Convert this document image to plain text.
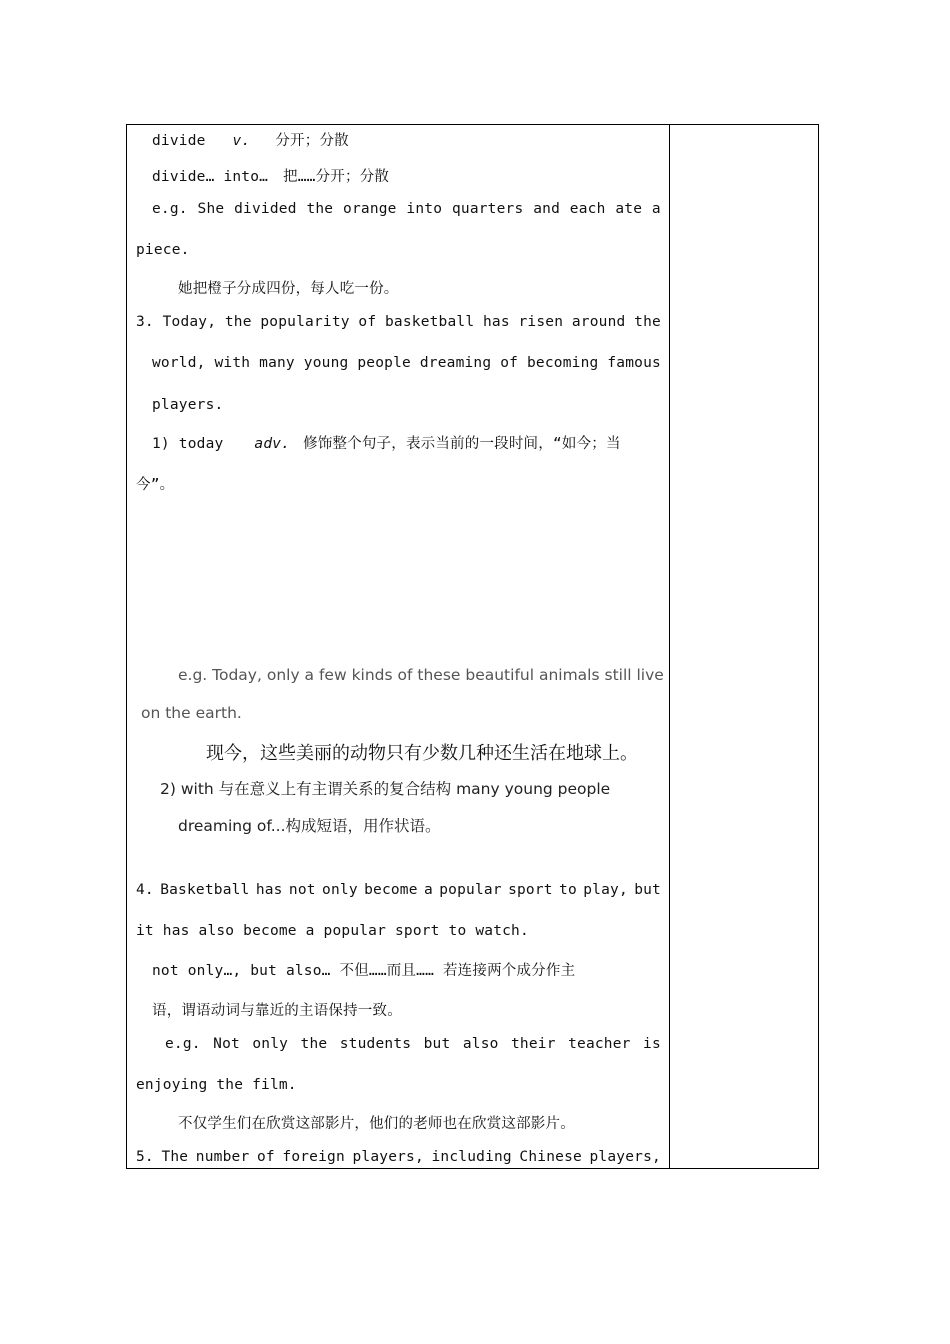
divide v. 分开；分散
divide… into… 把……分开；分散
e.g. She divided the orange into quarters and each ate a
piece.
她把橙子分成四份，每人吃一份。
3. Today, the popularity of basketball has risen around the
world, with many young people dreaming of becoming famous
players.
1) today adv. 修饰整个句子，表示当前的一段时间，“如今；当
今”。
e.g. Today, only a few kinds of these beautiful animals still live
on the earth.
现今，这些美丽的动物只有少数几种还生活在地球上。
2) with 与在意义上有主谓关系的复合结构 many young people
dreaming of...构成短语，用作状语。
4. Basketball has not only become a popular sport to play, but
it has also become a popular sport to watch.
not only…, but also… 不但……而且…… 若连接两个成分作主
语，谓语动词与靠近的主语保持一致。
e.g. Not only the students but also their teacher is
enjoying the film.
不仅学生们在欣赏这部影片，他们的老师也在欣赏这部影片。
5. The number of foreign players, including Chinese players,
